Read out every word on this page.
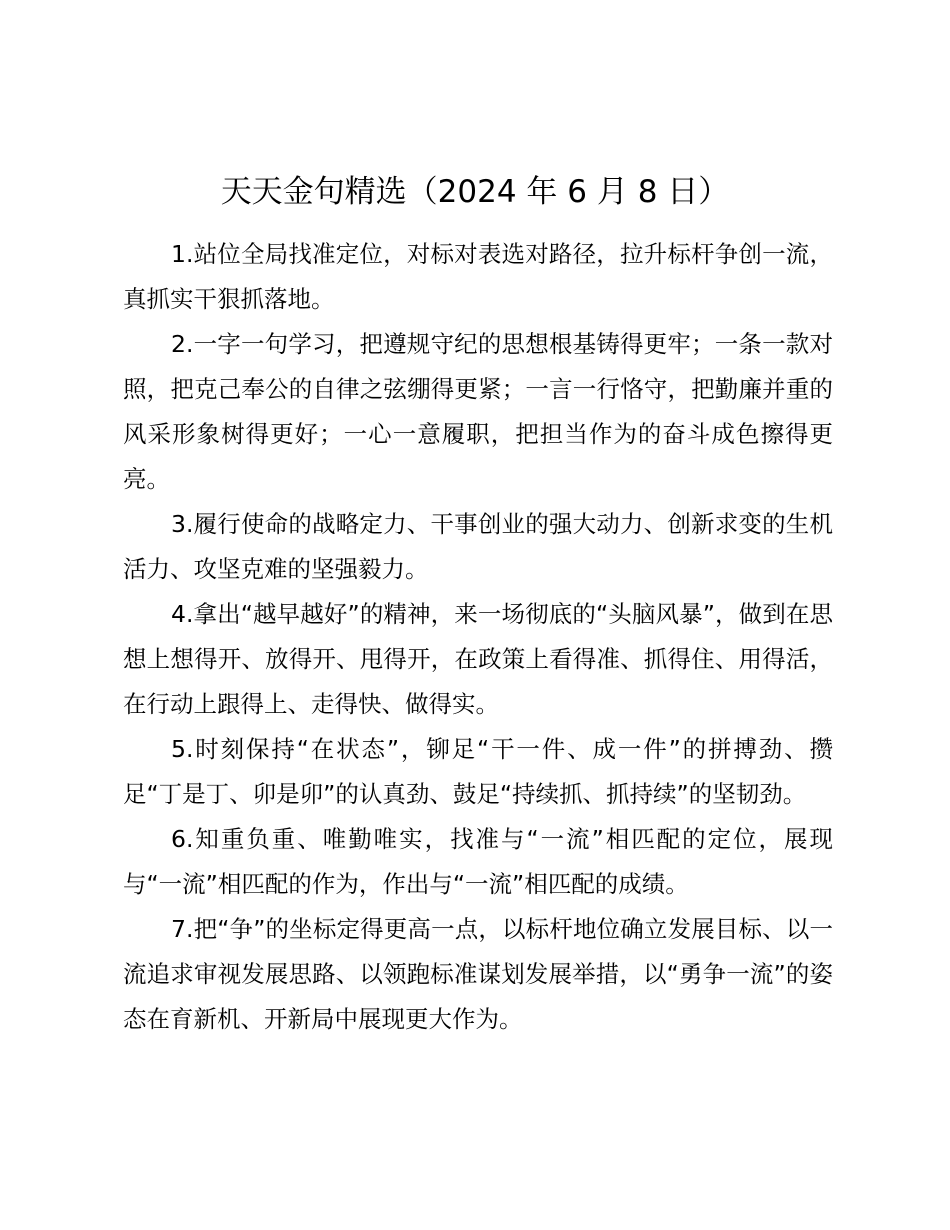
天天金句精选（2024 年 6 月 8 日）

1.站位全局找准定位，对标对表选对路径，拉升标杆争创一流，真抓实干狠抓落地。

2.一字一句学习，把遵规守纪的思想根基铸得更牢；一条一款对照，把克己奉公的自律之弦绷得更紧；一言一行恪守，把勤廉并重的风采形象树得更好；一心一意履职，把担当作为的奋斗成色擦得更亮。

3.履行使命的战略定力、干事创业的强大动力、创新求变的生机活力、攻坚克难的坚强毅力。

4.拿出“越早越好”的精神，来一场彻底的“头脑风暴”，做到在思想上想得开、放得开、甩得开，在政策上看得准、抓得住、用得活，在行动上跟得上、走得快、做得实。

5.时刻保持“在状态”，铆足“干一件、成一件”的拼搏劲、攒足“丁是丁、卯是卯”的认真劲、鼓足“持续抓、抓持续”的坚韧劲。

6.知重负重、唯勤唯实，找准与“一流”相匹配的定位，展现与“一流”相匹配的作为，作出与“一流”相匹配的成绩。

7.把“争”的坐标定得更高一点，以标杆地位确立发展目标、以一流追求审视发展思路、以领跑标准谋划发展举措，以“勇争一流”的姿态在育新机、开新局中展现更大作为。
